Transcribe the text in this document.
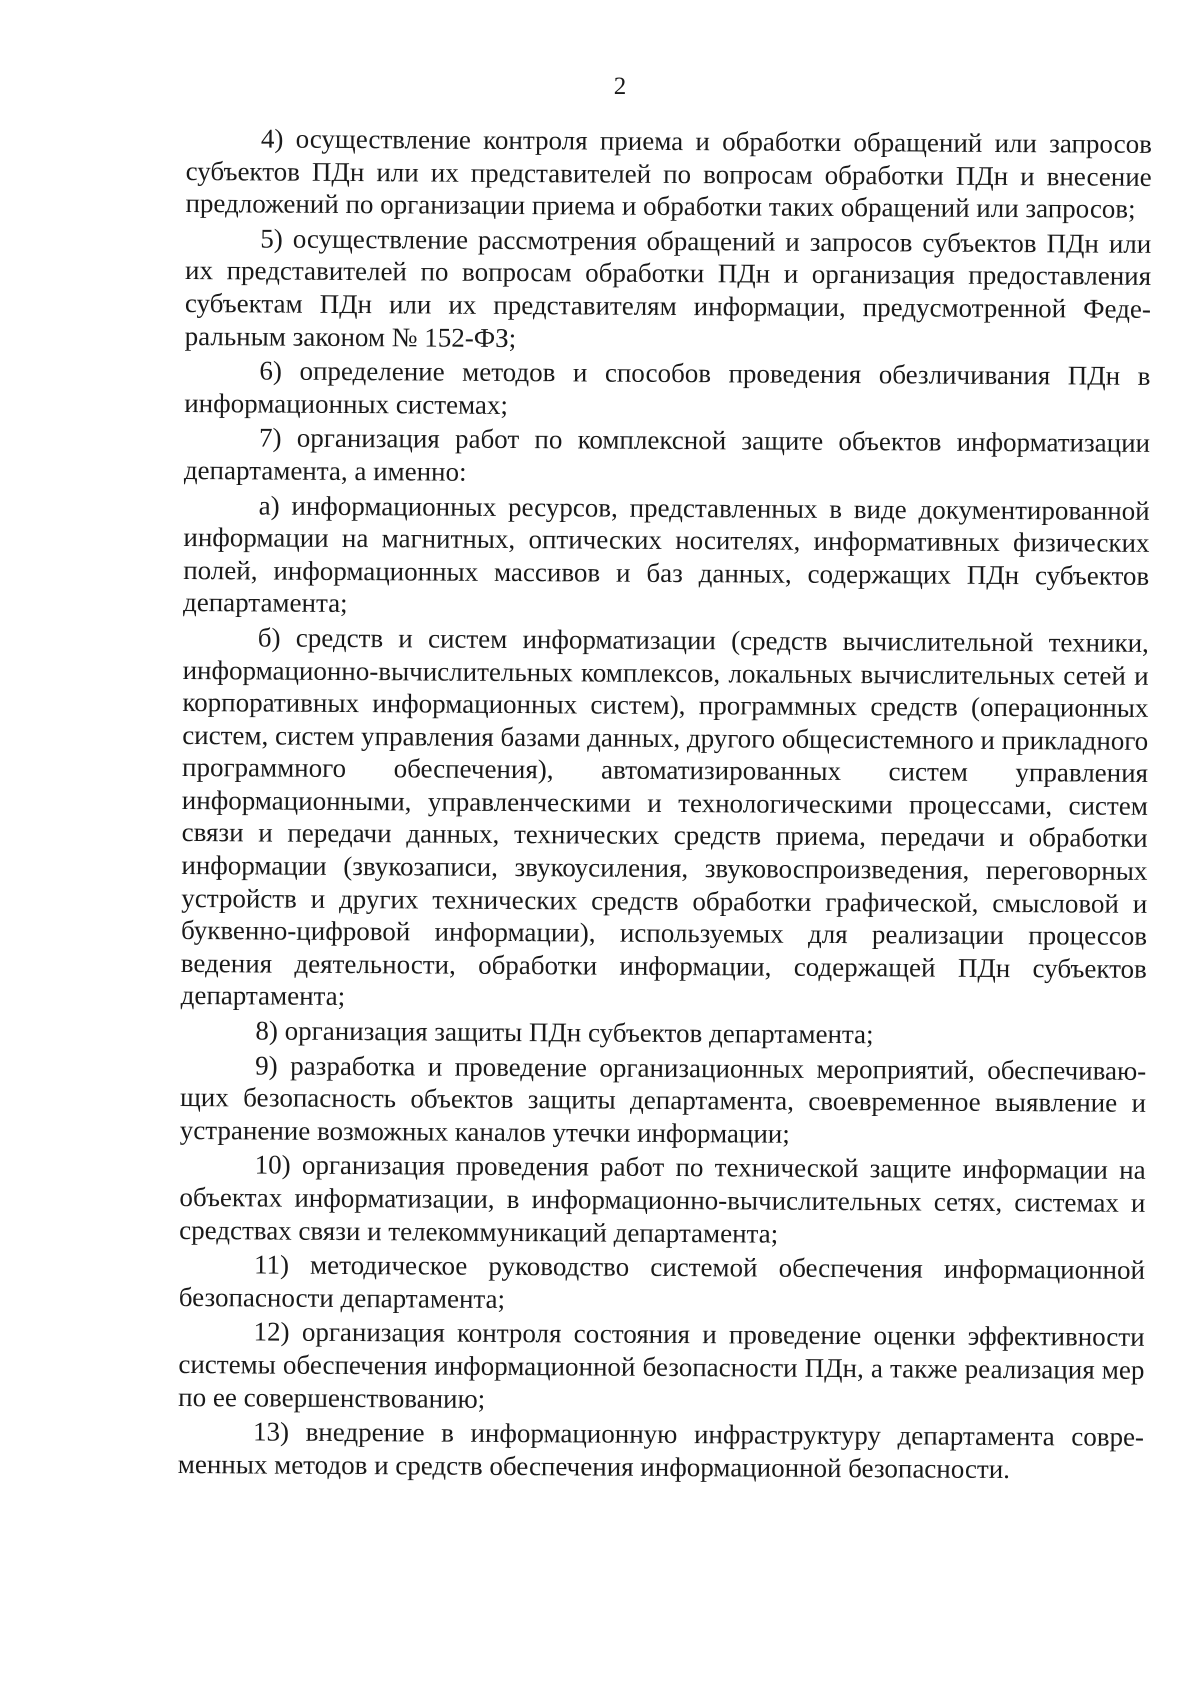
2

4) осуществление контроля приема и обработки обращений или запросов субъектов ПДн или их представителей по вопросам обработки ПДн и внесение предложений по организации приема и обработки таких обращений или запросов;

5) осуществление рассмотрения обращений и запросов субъектов ПДн или их представителей по вопросам обработки ПДн и организация предоставления субъектам ПДн или их представителям информации, предусмотренной Федеральным законом № 152-ФЗ;

6) определение методов и способов проведения обезличивания ПДн в информационных системах;

7) организация работ по комплексной защите объектов информатизации департамента, а именно:

а) информационных ресурсов, представленных в виде документированной информации на магнитных, оптических носителях, информативных физических полей, информационных массивов и баз данных, содержащих ПДн субъектов департамента;

б) средств и систем информатизации (средств вычислительной техники, информационно-вычислительных комплексов, локальных вычислительных сетей и корпоративных информационных систем), программных средств (операционных систем, систем управления базами данных, другого общесистемного и прикладного программного обеспечения), автоматизированных систем управления информационными, управленческими и технологическими процессами, систем связи и передачи данных, технических средств приема, передачи и обработки информации (звукозаписи, звукоусиления, звуковоспроизведения, переговорных устройств и других технических средств обработки графической, смысловой и буквенно-цифровой информации), используемых для реализации процессов ведения деятельности, обработки информации, содержащей ПДн субъектов департамента;

8) организация защиты ПДн субъектов департамента;

9) разработка и проведение организационных мероприятий, обеспечивающих безопасность объектов защиты департамента, своевременное выявление и устранение возможных каналов утечки информации;

10) организация проведения работ по технической защите информации на объектах информатизации, в информационно-вычислительных сетях, системах и средствах связи и телекоммуникаций департамента;

11) методическое руководство системой обеспечения информационной безопасности департамента;

12) организация контроля состояния и проведение оценки эффективности системы обеспечения информационной безопасности ПДн, а также реализация мер по ее совершенствованию;

13) внедрение в информационную инфраструктуру департамента современных методов и средств обеспечения информационной безопасности.
